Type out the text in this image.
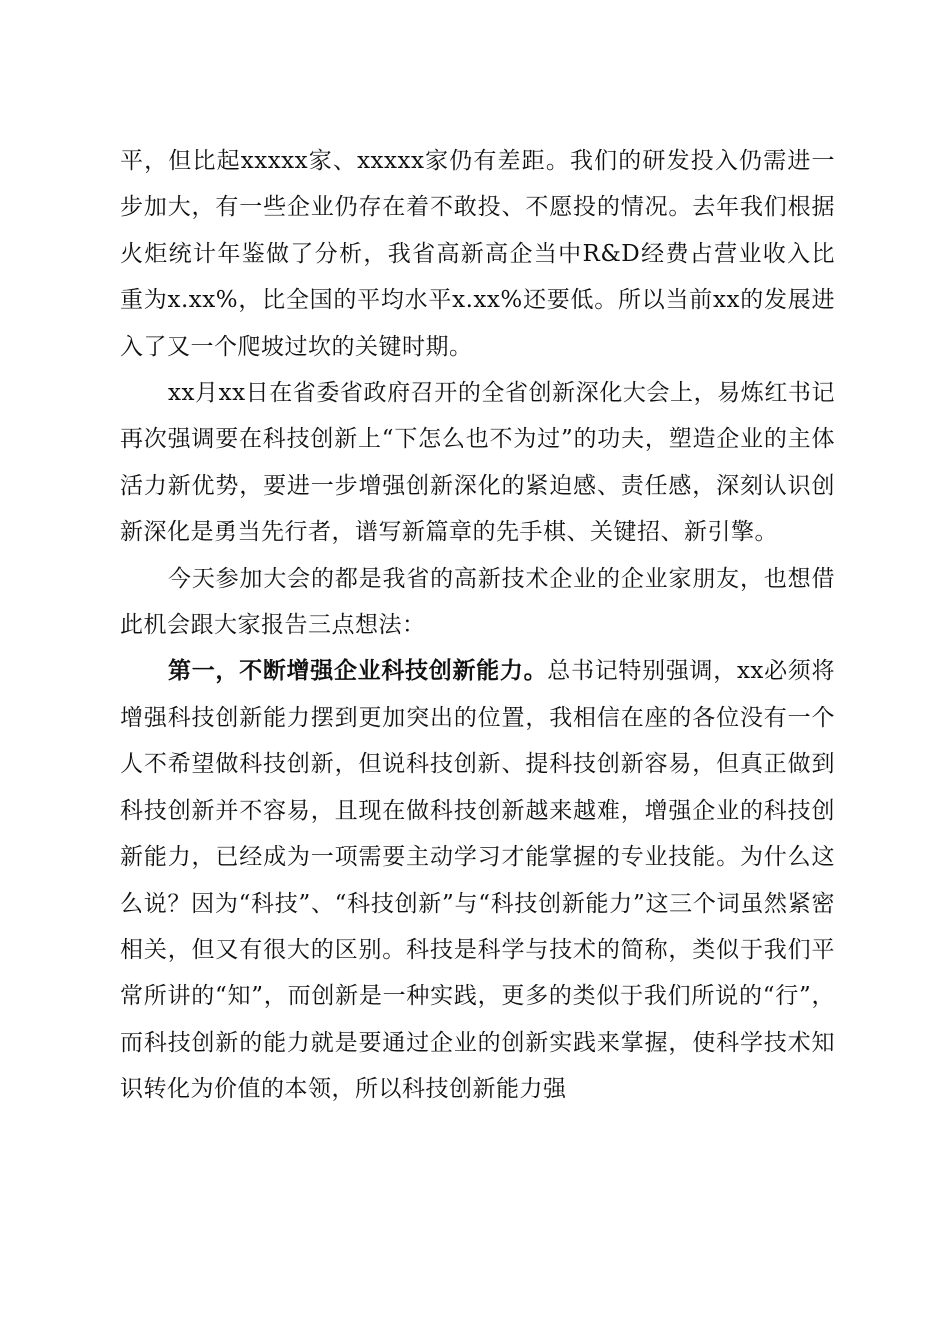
平，但比起xxxxx家、xxxxx家仍有差距。我们的研发投入仍需进一步加大，有一些企业仍存在着不敢投、不愿投的情况。去年我们根据火炬统计年鉴做了分析，我省高新高企当中R&D经费占营业收入比重为x.xx%，比全国的平均水平x.xx%还要低。所以当前xx的发展进入了又一个爬坡过坎的关键时期。

xx月xx日在省委省政府召开的全省创新深化大会上，易炼红书记再次强调要在科技创新上“下怎么也不为过”的功夫，塑造企业的主体活力新优势，要进一步增强创新深化的紧迫感、责任感，深刻认识创新深化是勇当先行者，谱写新篇章的先手棋、关键招、新引擎。

今天参加大会的都是我省的高新技术企业的企业家朋友，也想借此机会跟大家报告三点想法：

第一，不断增强企业科技创新能力。总书记特别强调，xx必须将增强科技创新能力摆到更加突出的位置，我相信在座的各位没有一个人不希望做科技创新，但说科技创新、提科技创新容易，但真正做到科技创新并不容易，且现在做科技创新越来越难，增强企业的科技创新能力，已经成为一项需要主动学习才能掌握的专业技能。为什么这么说？因为“科技”、“科技创新”与“科技创新能力”这三个词虽然紧密相关，但又有很大的区别。科技是科学与技术的简称，类似于我们平常所讲的“知”，而创新是一种实践，更多的类似于我们所说的“行”，而科技创新的能力就是要通过企业的创新实践来掌握，使科学技术知识转化为价值的本领，所以科技创新能力强
